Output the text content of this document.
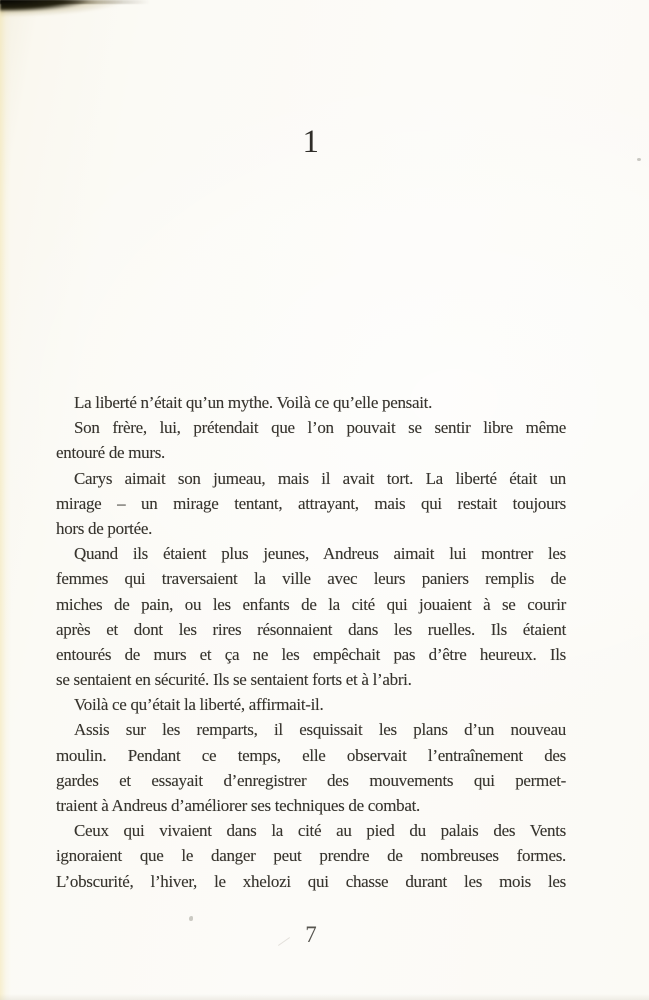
1
La liberté n’était qu’un mythe. Voilà ce qu’elle pensait.
Son frère, lui, prétendait que l’on pouvait se sentir libre même
entouré de murs.
Carys aimait son jumeau, mais il avait tort. La liberté était un
mirage – un mirage tentant, attrayant, mais qui restait toujours
hors de portée.
Quand ils étaient plus jeunes, Andreus aimait lui montrer les
femmes qui traversaient la ville avec leurs paniers remplis de
miches de pain, ou les enfants de la cité qui jouaient à se courir
après et dont les rires résonnaient dans les ruelles. Ils étaient
entourés de murs et ça ne les empêchait pas d’être heureux. Ils
se sentaient en sécurité. Ils se sentaient forts et à l’abri.
Voilà ce qu’était la liberté, affirmait-il.
Assis sur les remparts, il esquissait les plans d’un nouveau
moulin. Pendant ce temps, elle observait l’entraînement des
gardes et essayait d’enregistrer des mouvements qui permet-
traient à Andreus d’améliorer ses techniques de combat.
Ceux qui vivaient dans la cité au pied du palais des Vents
ignoraient que le danger peut prendre de nombreuses formes.
L’obscurité, l’hiver, le xhelozi qui chasse durant les mois les
7
